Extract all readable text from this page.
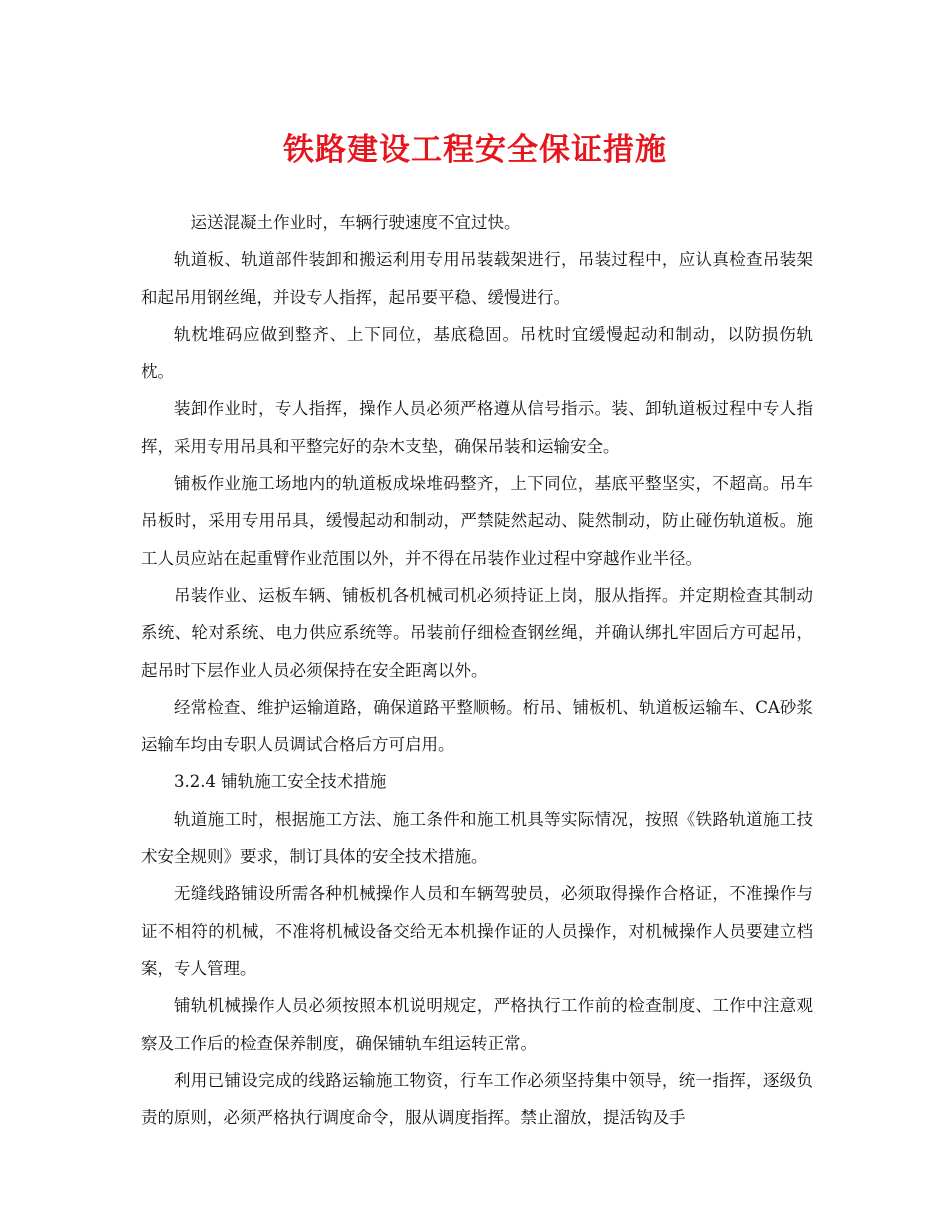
铁路建设工程安全保证措施

运送混凝土作业时，车辆行驶速度不宜过快。

轨道板、轨道部件装卸和搬运利用专用吊装载架进行，吊装过程中，应认真检查吊装架和起吊用钢丝绳，并设专人指挥，起吊要平稳、缓慢进行。

轨枕堆码应做到整齐、上下同位，基底稳固。吊枕时宜缓慢起动和制动，以防损伤轨枕。

装卸作业时，专人指挥，操作人员必须严格遵从信号指示。装、卸轨道板过程中专人指挥，采用专用吊具和平整完好的杂木支垫，确保吊装和运输安全。

铺板作业施工场地内的轨道板成垛堆码整齐，上下同位，基底平整坚实，不超高。吊车吊板时，采用专用吊具，缓慢起动和制动，严禁陡然起动、陡然制动，防止碰伤轨道板。施工人员应站在起重臂作业范围以外，并不得在吊装作业过程中穿越作业半径。

吊装作业、运板车辆、铺板机各机械司机必须持证上岗，服从指挥。并定期检查其制动系统、轮对系统、电力供应系统等。吊装前仔细检查钢丝绳，并确认绑扎牢固后方可起吊，起吊时下层作业人员必须保持在安全距离以外。

经常检查、维护运输道路，确保道路平整顺畅。桁吊、铺板机、轨道板运输车、CA砂浆运输车均由专职人员调试合格后方可启用。

3.2.4 铺轨施工安全技术措施

轨道施工时，根据施工方法、施工条件和施工机具等实际情况，按照《铁路轨道施工技术安全规则》要求，制订具体的安全技术措施。

无缝线路铺设所需各种机械操作人员和车辆驾驶员，必须取得操作合格证，不准操作与证不相符的机械，不准将机械设备交给无本机操作证的人员操作，对机械操作人员要建立档案，专人管理。

铺轨机械操作人员必须按照本机说明规定，严格执行工作前的检查制度、工作中注意观察及工作后的检查保养制度，确保铺轨车组运转正常。

利用已铺设完成的线路运输施工物资，行车工作必须坚持集中领导，统一指挥，逐级负责的原则，必须严格执行调度命令，服从调度指挥。禁止溜放，提活钩及手
